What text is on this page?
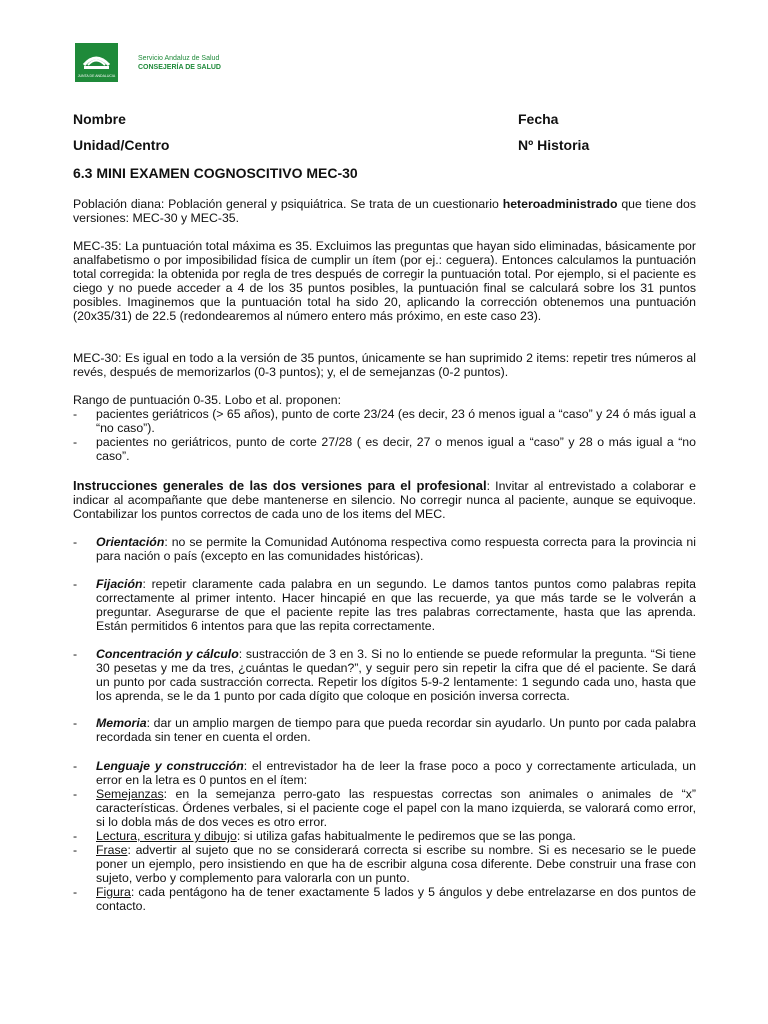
JUNTA DE ANDALUCIA
Servicio Andaluz de Salud
CONSEJERÍA DE SALUD
Nombre	Fecha
Unidad/Centro	Nº Historia
6.3 MINI EXAMEN COGNOSCITIVO MEC-30

Población diana: Población general y psiquiátrica. Se trata de un cuestionario heteroadministrado que tiene dos versiones: MEC-30 y MEC-35.

MEC-35: La puntuación total máxima es 35. Excluimos las preguntas que hayan sido eliminadas, básicamente por analfabetismo o por imposibilidad física de cumplir un ítem (por ej.: ceguera). Entonces calculamos la puntuación total corregida: la obtenida por regla de tres después de corregir la puntuación total. Por ejemplo, si el paciente es ciego y no puede acceder a 4 de los 35 puntos posibles, la puntuación final se calculará sobre los 31 puntos posibles. Imaginemos que la puntuación total ha sido 20, aplicando la corrección obtenemos una puntuación (20x35/31) de 22.5 (redondearemos al número entero más próximo, en este caso 23).

MEC-30: Es igual en todo a la versión de 35 puntos, únicamente se han suprimido 2 items: repetir tres números al revés, después de memorizarlos (0-3 puntos); y, el de semejanzas (0-2 puntos).

Rango de puntuación 0-35. Lobo et al. proponen:

- pacientes geriátricos (> 65 años), punto de corte 23/24 (es decir, 23 ó menos igual a “caso” y 24 ó más igual a “no caso”).

- pacientes no geriátricos, punto de corte 27/28 ( es decir, 27 o menos igual a “caso” y 28 o más igual a “no caso”.

Instrucciones generales de las dos versiones para el profesional: Invitar al entrevistado a colaborar e indicar al acompañante que debe mantenerse en silencio. No corregir nunca al paciente, aunque se equivoque. Contabilizar los puntos correctos de cada uno de los items del MEC.

- Orientación: no se permite la Comunidad Autónoma respectiva como respuesta correcta para la provincia ni para nación o país (excepto en las comunidades históricas).

- Fijación: repetir claramente cada palabra en un segundo. Le damos tantos puntos como palabras repita correctamente al primer intento. Hacer hincapié en que las recuerde, ya que más tarde se le volverán a preguntar. Asegurarse de que el paciente repite las tres palabras correctamente, hasta que las aprenda. Están permitidos 6 intentos para que las repita correctamente.

- Concentración y cálculo: sustracción de 3 en 3. Si no lo entiende se puede reformular la pregunta. “Si tiene 30 pesetas y me da tres, ¿cuántas le quedan?”, y seguir pero sin repetir la cifra que dé el paciente. Se dará un punto por cada sustracción correcta. Repetir los dígitos 5-9-2 lentamente: 1 segundo cada uno, hasta que los aprenda, se le da 1 punto por cada dígito que coloque en posición inversa correcta.

- Memoria: dar un amplio margen de tiempo para que pueda recordar sin ayudarlo. Un punto por cada palabra recordada sin tener en cuenta el orden.

- Lenguaje y construcción: el entrevistador ha de leer la frase poco a poco y correctamente articulada, un error en la letra es 0 puntos en el ítem:

- Semejanzas: en la semejanza perro-gato las respuestas correctas son animales o animales de “x” características. Órdenes verbales, si el paciente coge el papel con la mano izquierda, se valorará como error, si lo dobla más de dos veces es otro error.

- Lectura, escritura y dibujo: si utiliza gafas habitualmente le pediremos que se las ponga.

- Frase: advertir al sujeto que no se considerará correcta si escribe su nombre. Si es necesario se le puede poner un ejemplo, pero insistiendo en que ha de escribir alguna cosa diferente. Debe construir una frase con sujeto, verbo y complemento para valorarla con un punto.

- Figura: cada pentágono ha de tener exactamente 5 lados y 5 ángulos y debe entrelazarse en dos puntos de contacto.
